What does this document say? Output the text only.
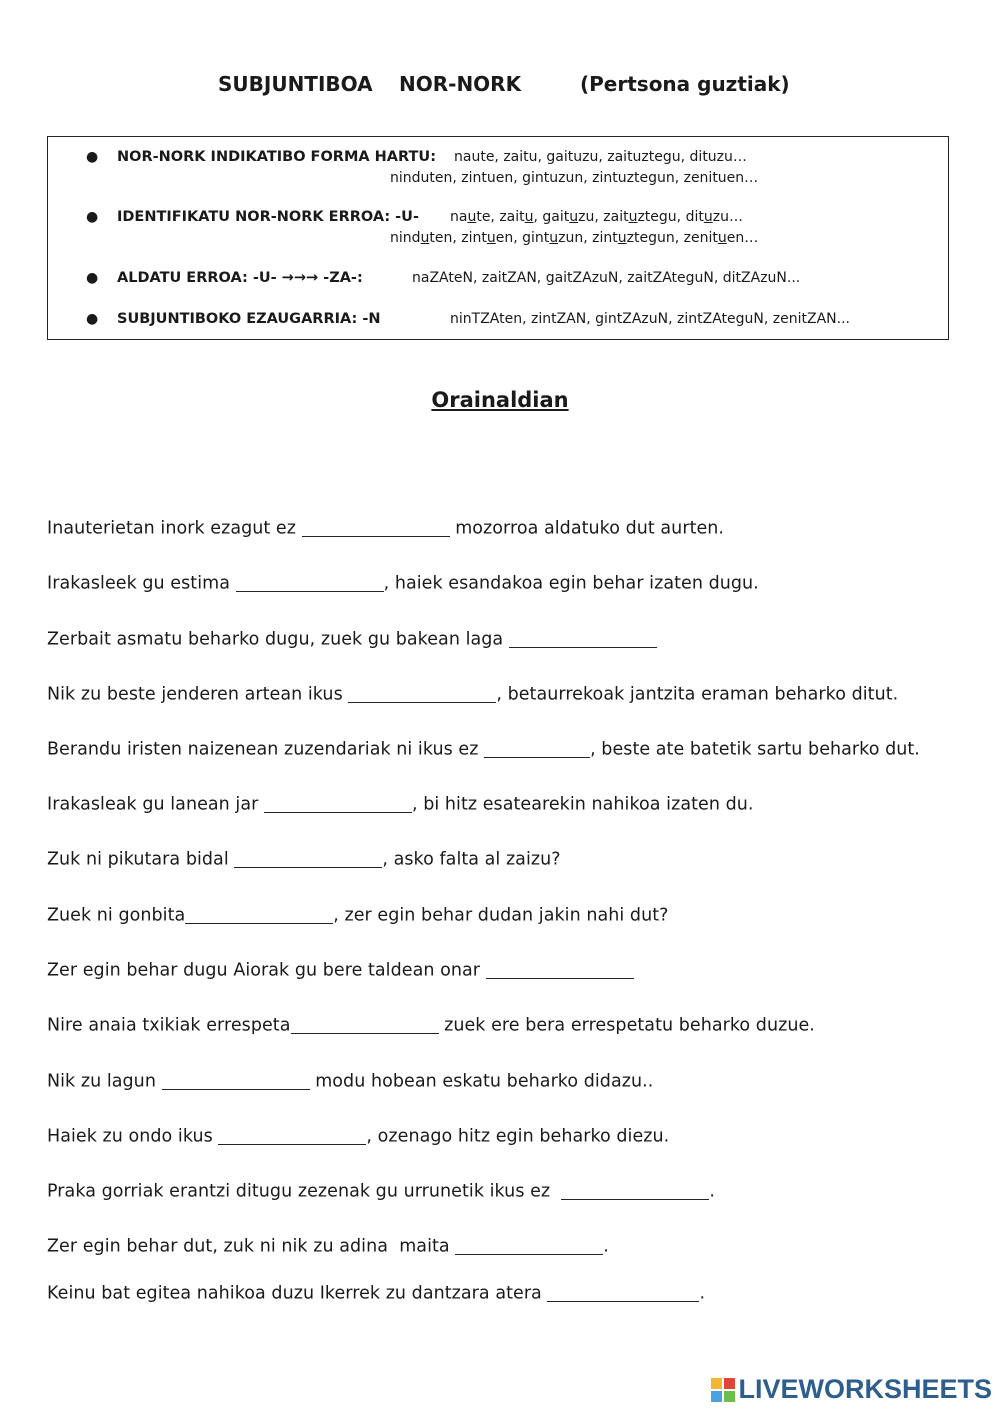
SUBJUNTIBOA

NOR-NORK

	(Pertsona guztiak)

● NOR-NORK INDIKATIBO FORMA HARTU: naute, zaitu, gaituzu, zaituztegu, dituzu…
ninduten, zintuen, gintuzun, zintuztegun, zenituen…
● IDENTIFIKATU NOR-NORK ERROA: -U- naute, zaitu, gaituzu, zaituztegu, dituzu…
ninduten, zintuen, gintuzun, zintuztegun, zenituen…
● ALDATU ERROA: -U- →→→ -ZA-:	naZAteN, zaitZAN, gaitZAzuN, zaitZAteguN, ditZAzuN...
● SUBJUNTIBOKO EZAUGARRIA: -N	ninTZAten, zintZAN, gintZAzuN, zintZAteguN, zenitZAN...
Orainaldian
Inauterietan inork ezagut ez	mozorroa aldatuko dut aurten.
Irakasleek gu estima	, haiek esandakoa egin behar izaten dugu.
Zerbait asmatu beharko dugu, zuek gu bakean laga
Nik zu beste jenderen artean ikus	, betaurrekoak jantzita eraman beharko ditut.
Berandu iristen naizenean zuzendariak ni ikus ez	, beste ate batetik sartu beharko dut.
Irakasleak gu lanean jar	, bi hitz esatearekin nahikoa izaten du.
Zuk ni pikutara bidal	, asko falta al zaizu?
Zuek ni gonbita	, zer egin behar dudan jakin nahi dut?
Zer egin behar dugu Aiorak gu bere taldean onar
Nire anaia txikiak errespeta	zuek ere bera errespetatu beharko duzue.
Nik zu lagun	modu hobean eskatu beharko didazu..
Haiek zu ondo ikus	, ozenago hitz egin beharko diezu.
Praka gorriak erantzi ditugu zezenak gu urrunetik ikus ez	.
Zer egin behar dut, zuk ni nik zu adina  maita	.
Keinu bat egitea nahikoa duzu Ikerrek zu dantzara atera	.
LIVEWORKSHEETS
